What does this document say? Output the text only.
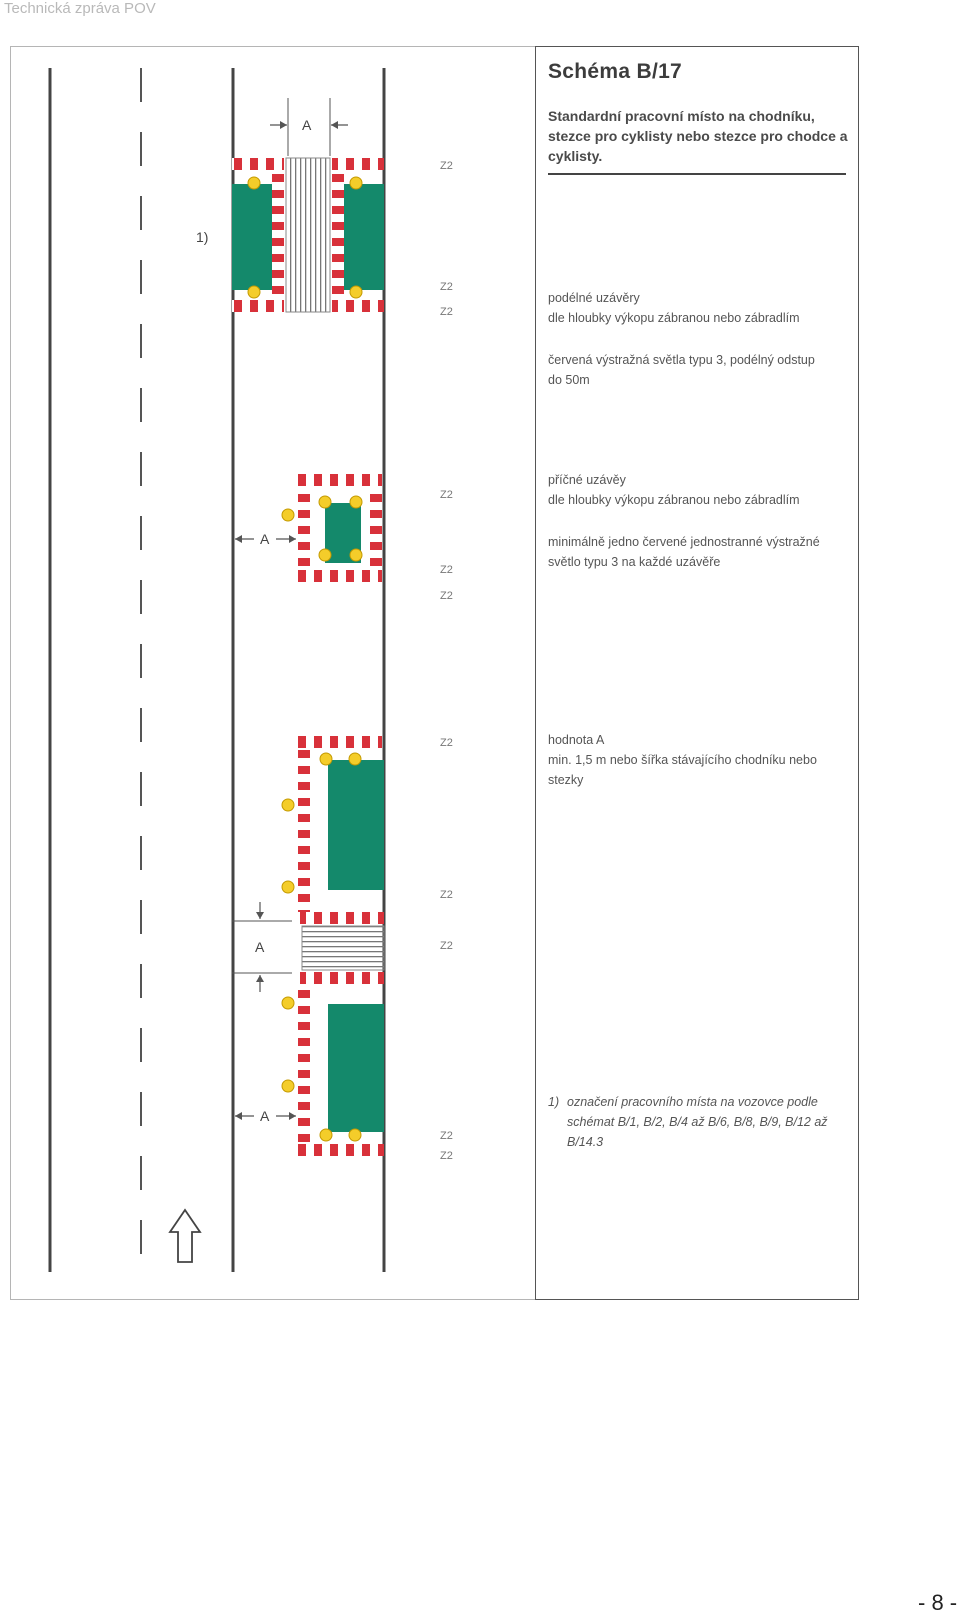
Technická zpráva POV
1)
A
A
A
A
Z2
Z2
Z2
Z2
Z2
Z2
Z2
Z2
Z2
Z2
Z2
Schéma B/17
Standardní pracovní místo na chodníku, stezce pro cyklisty nebo stezce pro chodce a cyklisty.
podélné uzávěry
dle hloubky výkopu zábranou nebo zábradlím
červená výstražná světla typu 3, podélný odstup
do 50m
příčné uzávěy
dle hloubky výkopu zábranou nebo zábradlím
minimálně jedno červené jednostranné výstražné
světlo typu 3 na každé uzávěře
hodnota A
min. 1,5 m nebo šířka stávajícího chodníku nebo
stezky
1) označení pracovního místa na vozovce podle schémat B/1, B/2, B/4 až B/6, B/8, B/9, B/12 až B/14.3
- 8 -
